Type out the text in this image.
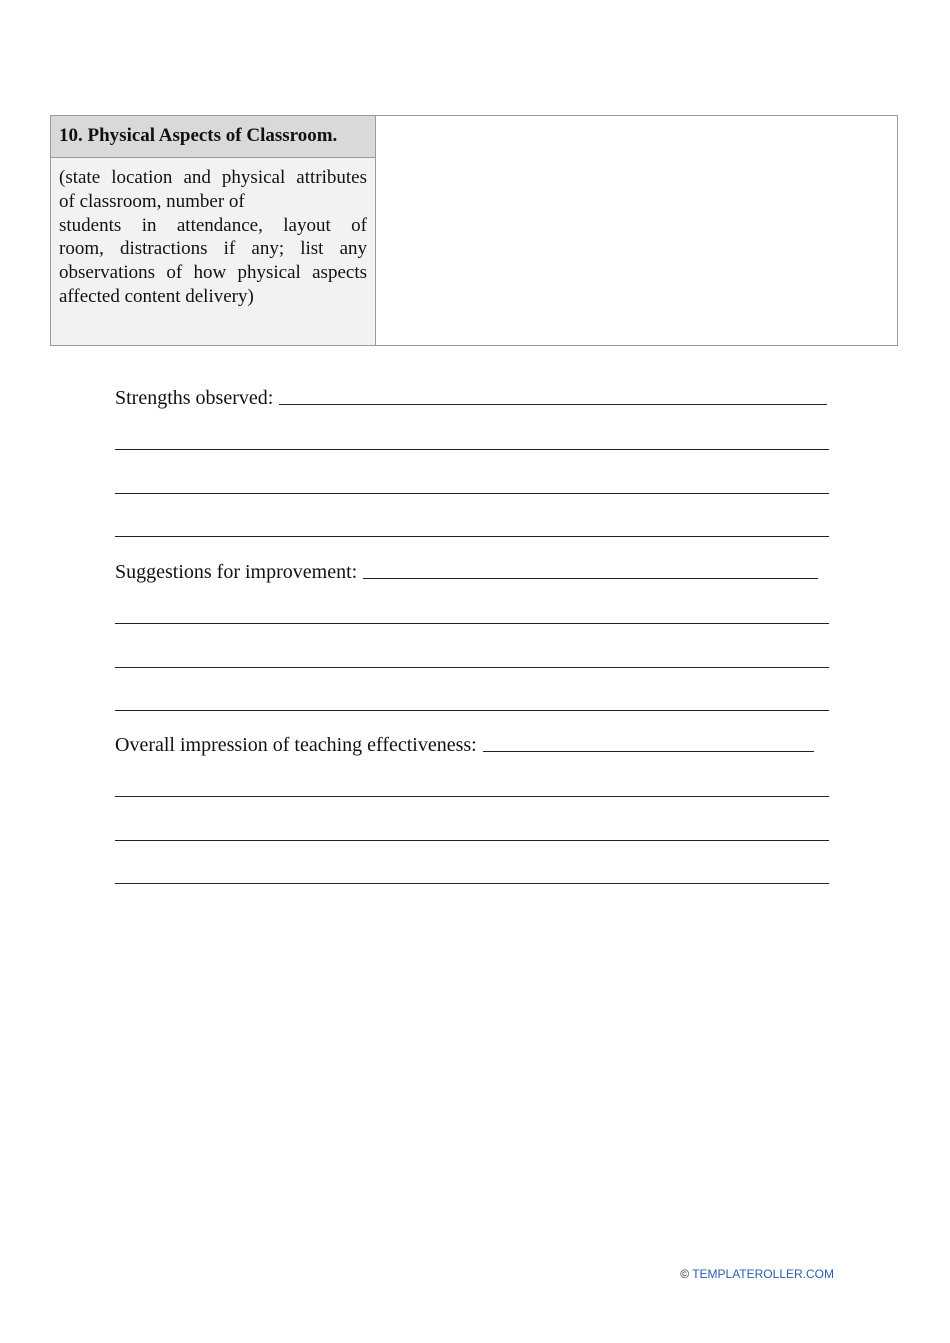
10. Physical Aspects of Classroom.
(state location and physical attributes
of classroom, number of
students in attendance, layout of
room, distractions if any; list any
observations of how physical aspects
affected content delivery)
Strengths observed:
Suggestions for improvement:
Overall impression of teaching effectiveness:
© TEMPLATEROLLER.COM
